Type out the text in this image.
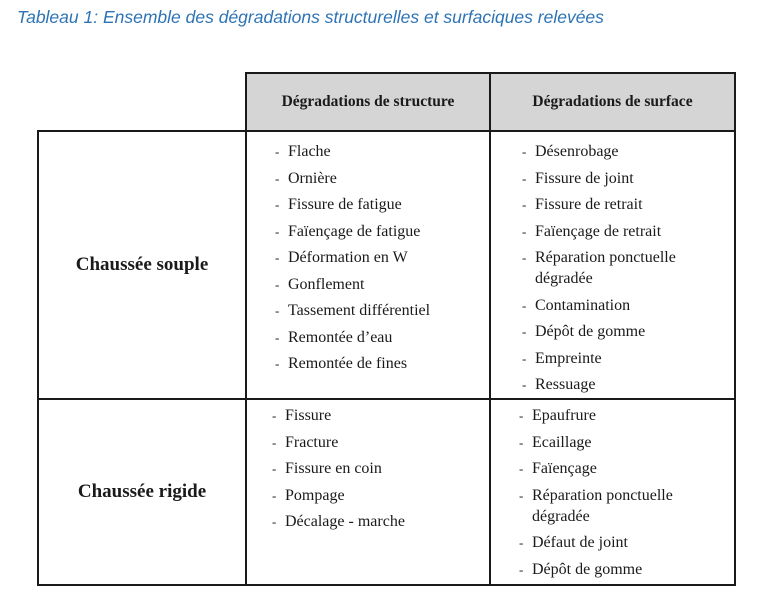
Tableau 1: Ensemble des dégradations structurelles et surfaciques relevées
Dégradations de structure	Dégradations de surface
Chaussée souple
Chaussée rigide
- Flache
- Ornière
- Fissure de fatigue
- Faïençage de fatigue
- Déformation en W
- Gonflement
- Tassement différentiel
- Remontée d’eau
- Remontée de fines
- Désenrobage
- Fissure de joint
- Fissure de retrait
- Faïençage de retrait
- Réparation ponctuelle
dégradée
- Contamination
- Dépôt de gomme
- Empreinte
- Ressuage
- Fissure
- Fracture
- Fissure en coin
- Pompage
- Décalage - marche
- Epaufrure
- Ecaillage
- Faïençage
- Réparation ponctuelle
dégradée
- Défaut de joint
- Dépôt de gomme
